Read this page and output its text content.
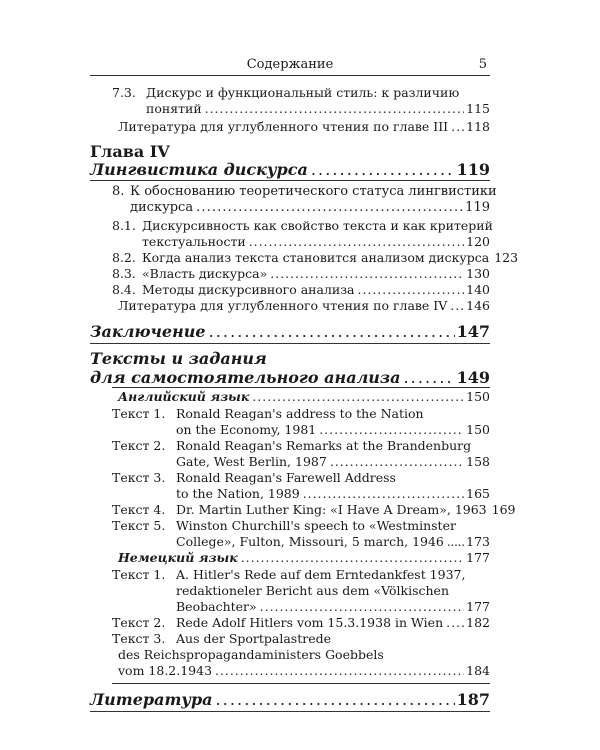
Содержание	5
7.3. Дискурс и функциональный стиль: к различию
понятий . . .	115
Литература для углубленного чтения по главе III . . . 118
Глава IV
Лингвистика дискурса . . .	119
8. К обоснованию теоретического статуса лингвистики
дискурса . . .	119
8.1. Дискурсивность как свойство текста и как критерий
текстуальности . . .	120
8.2. Когда анализ текста становится анализом дискурса 123
8.3. «Власть дискурса» . . .	130
8.4. Методы дискурсивного анализа . . .	140
Литература для углубленного чтения по главе IV . . . 146
Заключение . . .	147
Тексты и задания
для самостоятельного анализа . . .	149
Английский язык . . .	150
Текст 1. Ronald Reagan's address to the Nation
on the Economy, 1981 . . .	150
Текст 2. Ronald Reagan's Remarks at the Brandenburg
Gate, West Berlin, 1987 . . .	158
Текст 3. Ronald Reagan's Farewell Address
to the Nation, 1989 . . .	165
Текст 4. Dr. Martin Luther King: «I Have A Dream», 1963 169
Текст 5. Winston Churchill's speech to «Westminster
College», Fulton, Missouri, 5 march, 1946 . . . 173
Немецкий язык . . .	177
Текст 1. A. Hitler's Rede auf dem Erntedankfest 1937,
redaktioneler Bericht aus dem «Völkischen
Beobachter» . . .	177
Текст 2. Rede Adolf Hitlers vom 15.3.1938 in Wien . . . 182
Текст 3. Aus der Sportpalastrede
des Reichspropagandaministers Goebbels
vom 18.2.1943 . . .	184
Литература . . .	187
